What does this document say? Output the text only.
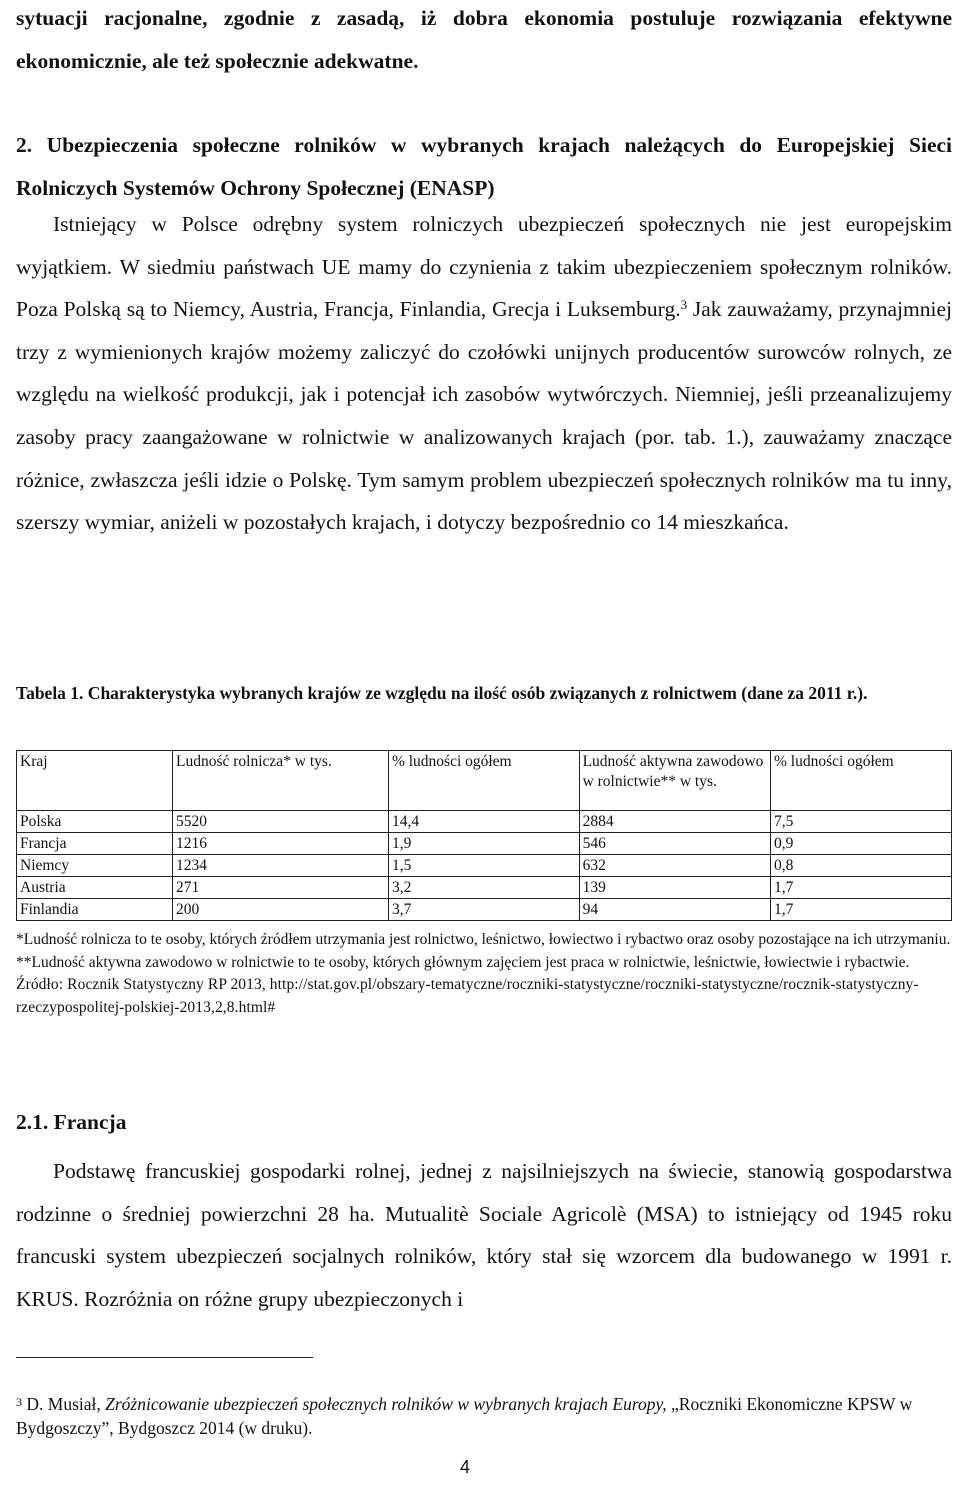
sytuacji racjonalne, zgodnie z zasadą, iż dobra ekonomia postuluje rozwiązania efektywne ekonomicznie, ale też społecznie adekwatne.

2. Ubezpieczenia społeczne rolników w wybranych krajach należących do Europejskiej Sieci Rolniczych Systemów Ochrony Społecznej (ENASP)

Istniejący w Polsce odrębny system rolniczych ubezpieczeń społecznych nie jest europejskim wyjątkiem. W siedmiu państwach UE mamy do czynienia z takim ubezpieczeniem społecznym rolników. Poza Polską są to Niemcy, Austria, Francja, Finlandia, Grecja i Luksemburg.$^3$ Jak zauważamy, przynajmniej trzy z wymienionych krajów możemy zaliczyć do czołówki unijnych producentów surowców rolnych, ze względu na wielkość produkcji, jak i potencjał ich zasobów wytwórczych. Niemniej, jeśli przeanalizujemy zasoby pracy zaangażowane w rolnictwie w analizowanych krajach (por. tab. 1.), zauważamy znaczące różnice, zwłaszcza jeśli idzie o Polskę. Tym samym problem ubezpieczeń społecznych rolników ma tu inny, szerszy wymiar, aniżeli w pozostałych krajach, i dotyczy bezpośrednio co 14 mieszkańca.

Tabela 1. Charakterystyka wybranych krajów ze względu na ilość osób związanych z rolnictwem (dane za 2011 r.).

Kraj	Ludność rolnicza* w tys.	% ludności ogółem	Ludność aktywna zawodowo w rolnictwie** w tys.	% ludności ogółem
Polska	5520	14,4	2884	7,5
Francja	1216	1,9	546	0,9
Niemcy	1234	1,5	632	0,8
Austria	271	3,2	139	1,7
Finlandia	200	3,7	94	1,7

*Ludność rolnicza to te osoby, których źródłem utrzymania jest rolnictwo, leśnictwo, łowiectwo i rybactwo oraz osoby pozostające na ich utrzymaniu.

**Ludność aktywna zawodowo w rolnictwie to te osoby, których głównym zajęciem jest praca w rolnictwie, leśnictwie, łowiectwie i rybactwie.

Źródło: Rocznik Statystyczny RP 2013, http://stat.gov.pl/obszary-tematyczne/roczniki-statystyczne/roczniki-statystyczne/rocznik-statystyczny-rzeczypospolitej-polskiej-2013,2,8.html#

2.1. Francja

Podstawę francuskiej gospodarki rolnej, jednej z najsilniejszych na świecie, stanowią gospodarstwa rodzinne o średniej powierzchni 28 ha. Mutualitè Sociale Agricolè (MSA) to istniejący od 1945 roku francuski system ubezpieczeń socjalnych rolników, który stał się wzorcem dla budowanego w 1991 r. KRUS. Rozróżnia on różne grupy ubezpieczonych i

$^3$ D. Musiał, Zróżnicowanie ubezpieczeń społecznych rolników w wybranych krajach Europy, „Roczniki Ekonomiczne KPSW w Bydgoszczy”, Bydgoszcz 2014 (w druku).

4
